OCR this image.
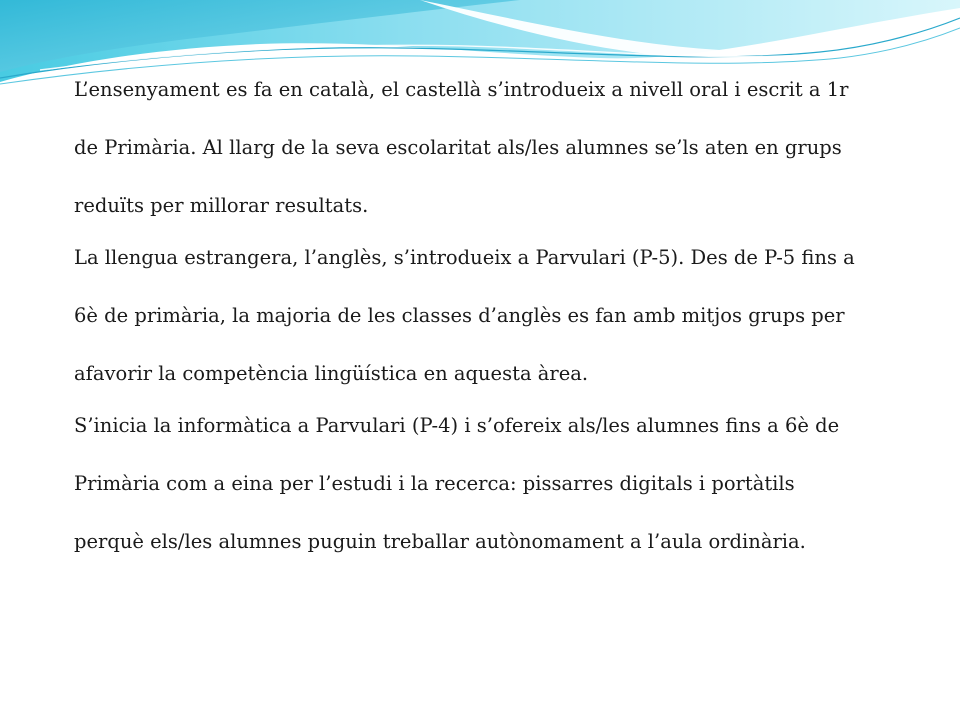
L’ensenyament es fa en català, el castellà s’introdueix a nivell oral i escrit a 1r
de Primària. Al llarg de la seva escolaritat als/les alumnes se’ls aten en grups
reduïts per millorar resultats.
La llengua estrangera, l’anglès, s’introdueix a Parvulari (P-5). Des de P-5 fins a
6è de primària, la majoria de les classes d’anglès es fan amb mitjos grups per
afavorir la competència lingüística en aquesta àrea.
S’inicia la informàtica a Parvulari (P-4) i s’ofereix als/les alumnes fins a 6è de
Primària com a eina per l’estudi i la recerca: pissarres digitals i portàtils
perquè els/les alumnes puguin treballar autònomament a l’aula ordinària.
